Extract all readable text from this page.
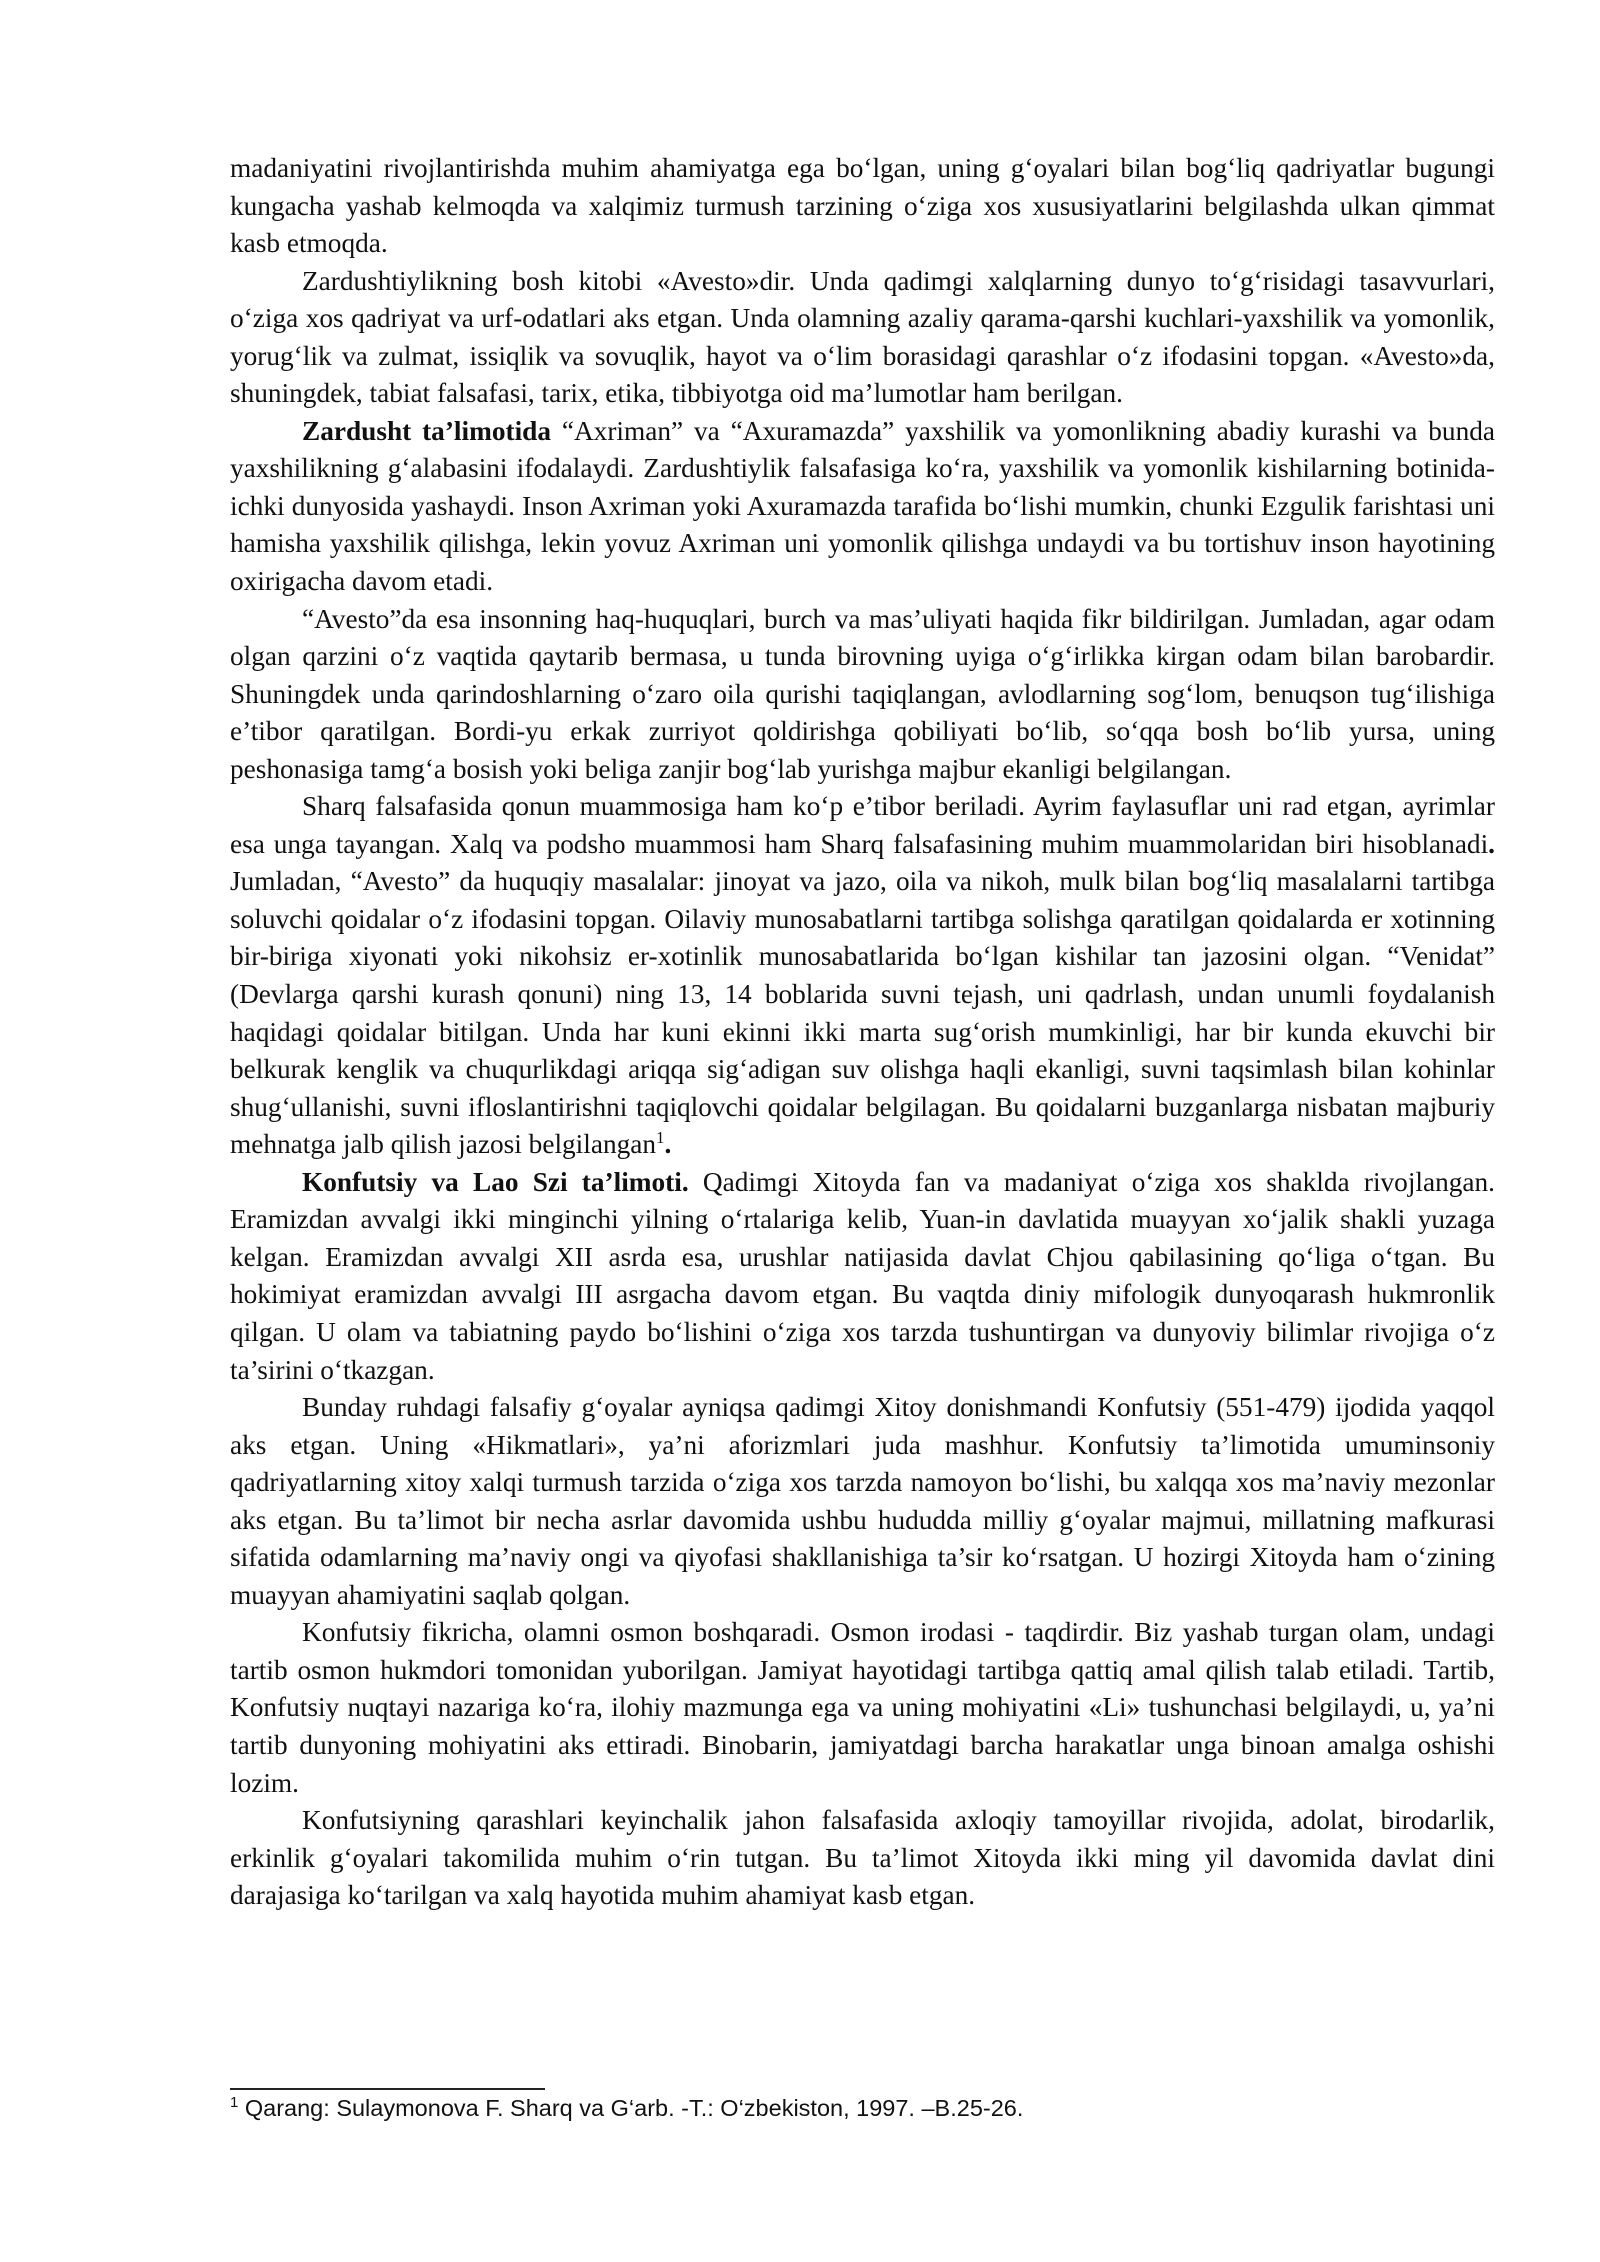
madaniyatini rivojlantirishda muhim ahamiyatga ega bo‘lgan, uning g‘oyalari bilan bog‘liq qadriyatlar bugungi kungacha yashab kelmoqda va xalqimiz turmush tarzining o‘ziga xos xususiyatlarini belgilashda ulkan qimmat kasb etmoqda.

Zardushtiylikning bosh kitobi «Avesto»dir. Unda qadimgi xalqlarning dunyo to‘g‘risidagi tasavvurlari, o‘ziga xos qadriyat va urf-odatlari aks etgan. Unda olamning azaliy qarama-qarshi kuchlari-yaxshilik va yomonlik, yorug‘lik va zulmat, issiqlik va sovuqlik, hayot va o‘lim borasidagi qarashlar o‘z ifodasini topgan. «Avesto»da, shuningdek, tabiat falsafasi, tarix, etika, tibbiyotga oid ma’lumotlar ham berilgan.

Zardusht ta’limotida “Axriman” va “Axuramazda” yaxshilik va yomonlikning abadiy kurashi va bunda yaxshilikning g‘alabasini ifodalaydi. Zardushtiylik falsafasiga ko‘ra, yaxshilik va yomonlik kishilarning botinida-ichki dunyosida yashaydi. Inson Axriman yoki Axuramazda tarafida bo‘lishi mumkin, chunki Ezgulik farishtasi uni hamisha yaxshilik qilishga, lekin yovuz Axriman uni yomonlik qilishga undaydi va bu tortishuv inson hayotining oxirigacha davom etadi.

“Avesto”da esa insonning haq-huquqlari, burch va mas’uliyati haqida fikr bildirilgan. Jumladan, agar odam olgan qarzini o‘z vaqtida qaytarib bermasa, u tunda birovning uyiga o‘g‘irlikka kirgan odam bilan barobardir. Shuningdek unda qarindoshlarning o‘zaro oila qurishi taqiqlangan, avlodlarning sog‘lom, benuqson tug‘ilishiga e’tibor qaratilgan. Bordi-yu erkak zurriyot qoldirishga qobiliyati bo‘lib, so‘qqa bosh bo‘lib yursa, uning peshonasiga tamg‘a bosish yoki beliga zanjir bog‘lab yurishga majbur ekanligi belgilangan.

Sharq falsafasida qonun muammosiga ham ko‘p e’tibor beriladi. Ayrim faylasuflar uni rad etgan, ayrimlar esa unga tayangan. Xalq va podsho muammosi ham Sharq falsafasining muhim muammolaridan biri hisoblanadi. Jumladan, “Avesto” da huquqiy masalalar: jinoyat va jazo, oila va nikoh, mulk bilan bog‘liq masalalarni tartibga soluvchi qoidalar o‘z ifodasini topgan. Oilaviy munosabatlarni tartibga solishga qaratilgan qoidalarda er xotinning bir-biriga xiyonati yoki nikohsiz er-xotinlik munosabatlarida bo‘lgan kishilar tan jazosini olgan. “Venidat” (Devlarga qarshi kurash qonuni) ning 13, 14 boblarida suvni tejash, uni qadrlash, undan unumli foydalanish haqidagi qoidalar bitilgan. Unda har kuni ekinni ikki marta sug‘orish mumkinligi, har bir kunda ekuvchi bir belkurak kenglik va chuqurlikdagi ariqqa sig‘adigan suv olishga haqli ekanligi, suvni taqsimlash bilan kohinlar shug‘ullanishi, suvni ifloslantirishni taqiqlovchi qoidalar belgilagan. Bu qoidalarni buzganlarga nisbatan majburiy mehnatga jalb qilish jazosi belgilangan$^1$.

Konfutsiy va Lao Szi ta’limoti. Qadimgi Xitoyda fan va madaniyat o‘ziga xos shaklda rivojlangan. Eramizdan avvalgi ikki minginchi yilning o‘rtalariga kelib, Yuan-in davlatida muayyan xo‘jalik shakli yuzaga kelgan. Eramizdan avvalgi XII asrda esa, urushlar natijasida davlat Chjou qabilasining qo‘liga o‘tgan. Bu hokimiyat eramizdan avvalgi III asrgacha davom etgan. Bu vaqtda diniy mifologik dunyoqarash hukmronlik qilgan. U olam va tabiatning paydo bo‘lishini o‘ziga xos tarzda tushuntirgan va dunyoviy bilimlar rivojiga o‘z ta’sirini o‘tkazgan.

Bunday ruhdagi falsafiy g‘oyalar ayniqsa qadimgi Xitoy donishmandi Konfutsiy (551-479) ijodida yaqqol aks etgan. Uning «Hikmatlari», ya’ni aforizmlari juda mashhur. Konfutsiy ta’limotida umuminsoniy qadriyatlarning xitoy xalqi turmush tarzida o‘ziga xos tarzda namoyon bo‘lishi, bu xalqqa xos ma’naviy mezonlar aks etgan. Bu ta’limot bir necha asrlar davomida ushbu hududda milliy g‘oyalar majmui, millatning mafkurasi sifatida odamlarning ma’naviy ongi va qiyofasi shakllanishiga ta’sir ko‘rsatgan. U hozirgi Xitoyda ham o‘zining muayyan ahamiyatini saqlab qolgan.

Konfutsiy fikricha, olamni osmon boshqaradi. Osmon irodasi - taqdirdir. Biz yashab turgan olam, undagi tartib osmon hukmdori tomonidan yuborilgan. Jamiyat hayotidagi tartibga qattiq amal qilish talab etiladi. Tartib, Konfutsiy nuqtayi nazariga ko‘ra, ilohiy mazmunga ega va uning mohiyatini «Li» tushunchasi belgilaydi, u, ya’ni tartib dunyoning mohiyatini aks ettiradi. Binobarin, jamiyatdagi barcha harakatlar unga binoan amalga oshishi lozim.

Konfutsiyning qarashlari keyinchalik jahon falsafasida axloqiy tamoyillar rivojida, adolat, birodarlik, erkinlik g‘oyalari takomilida muhim o‘rin tutgan. Bu ta’limot Xitoyda ikki ming yil davomida davlat dini darajasiga ko‘tarilgan va xalq hayotida muhim ahamiyat kasb etgan.

$^1$ Qarang: Sulaymonova F. Sharq va G‘arb. -T.: O‘zbekiston, 1997. –B.25-26.
